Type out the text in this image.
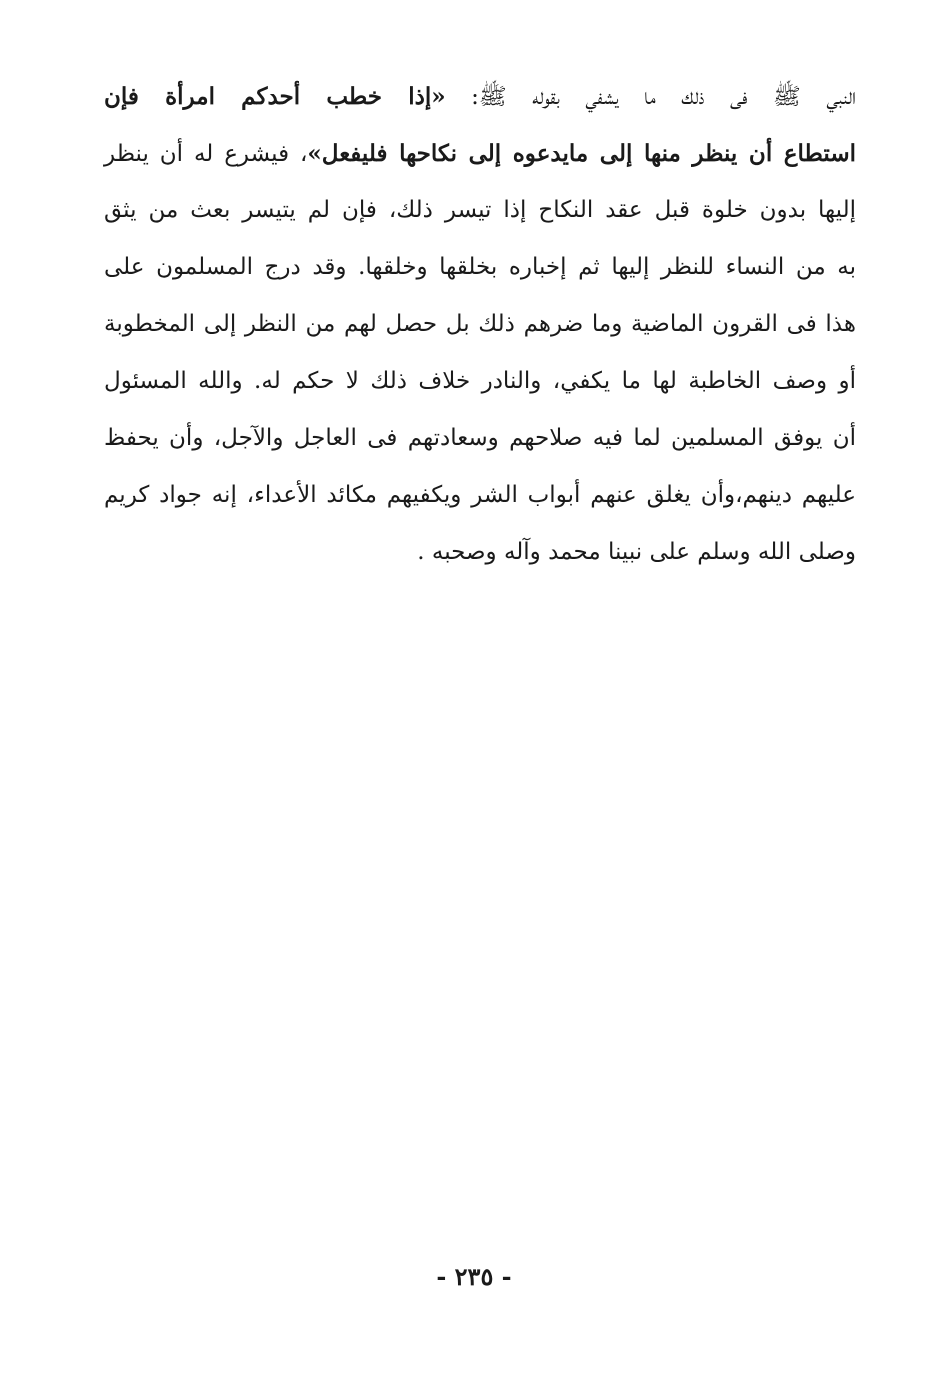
النبي ﷺ فى ذلك ما يشفي بقوله ﷺ: «إذا خطب أحدكم امرأة فإن
استطاع أن ينظر منها إلى مايدعوه إلى نكاحها فليفعل»، فيشرع له أن ينظر
إليها بدون خلوة قبل عقد النكاح إذا تيسر ذلك، فإن لم يتيسر بعث من يثق
به من النساء للنظر إليها ثم إخباره بخلقها وخلقها. وقد درج المسلمون على
هذا فى القرون الماضية وما ضرهم ذلك بل حصل لهم من النظر إلى المخطوبة
أو وصف الخاطبة لها ما يكفي، والنادر خلاف ذلك لا حكم له. والله المسئول
أن يوفق المسلمين لما فيه صلاحهم وسعادتهم فى العاجل والآجل، وأن يحفظ
عليهم دينهم،وأن يغلق عنهم أبواب الشر ويكفيهم مكائد الأعداء، إنه جواد كريم
وصلى الله وسلم على نبينا محمد وآله وصحبه .
- ٢٣٥ -
